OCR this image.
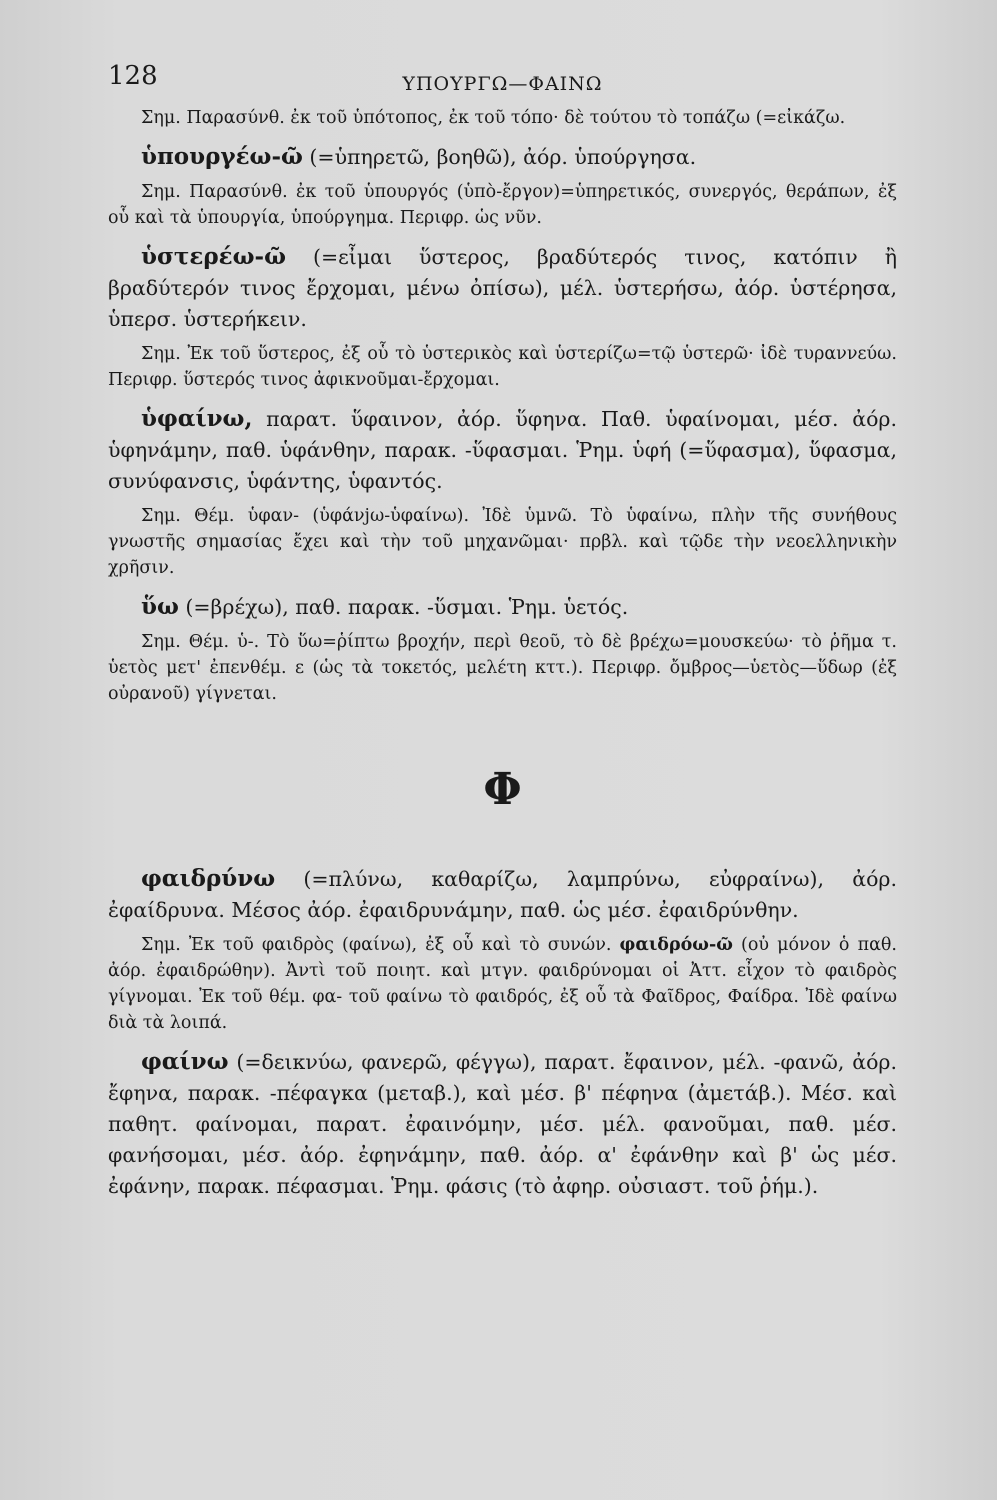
128	ΥΠΟΥΡΓΩ—ΦΑΙΝΩ

Σημ. Παρασύνθ. ἐκ τοῦ ὑπότοπος, ἐκ τοῦ τόπο· δὲ τούτου τὸ τοπάζω (=εἰκάζω.

ὑπουργέω-ῶ (=ὑπηρετῶ, βοηθῶ), ἀόρ. ὑπούργησα.

Σημ. Παρασύνθ. ἐκ τοῦ ὑπουργός (ὑπὸ-ἔργον)=ὑπηρετικός, συνεργός, θεράπων, ἐξ οὗ καὶ τὰ ὑπουργία, ὑπούργημα. Περιφρ. ὡς νῦν.

ὑστερέω-ῶ (=εἶμαι ὕστερος, βραδύτερός τινος, κατόπιν ἢ βραδύτερόν τινος ἔρχομαι, μένω ὀπίσω), μέλ. ὑστερήσω, ἀόρ. ὑστέρησα, ὑπερσ. ὑστερήκειν.

Σημ. Ἐκ τοῦ ὕστερος, ἐξ οὗ τὸ ὑστερικὸς καὶ ὑστερίζω=τῷ ὑστερῶ· ἰδὲ τυραννεύω. Περιφρ. ὕστερός τινος ἀφικνοῦμαι-ἔρχομαι.

ὑφαίνω, παρατ. ὕφαινον, ἀόρ. ὕφηνα. Παθ. ὑφαίνομαι, μέσ. ἀόρ. ὑφηνάμην, παθ. ὑφάνθην, παρακ. -ὕφασμαι. Ῥημ. ὑφή (=ὕφασμα), ὕφασμα, συνύφανσις, ὑφάντης, ὑφαντός.

Σημ. Θέμ. ὑφαν- (ὑφάνjω-ὑφαίνω). Ἰδὲ ὑμνῶ. Τὸ ὑφαίνω, πλὴν τῆς συνήθους γνωστῆς σημασίας ἔχει καὶ τὴν τοῦ μηχανῶμαι· πρβλ. καὶ τῷδε τὴν νεοελληνικὴν χρῆσιν.

ὕω (=βρέχω), παθ. παρακ. -ὕσμαι. Ῥημ. ὑετός.

Σημ. Θέμ. ὑ-. Τὸ ὕω=ῥίπτω βροχήν, περὶ θεοῦ, τὸ δὲ βρέχω=μουσκεύω· τὸ ῥῆμα τ. ὑετὸς μετ' ἐπενθέμ. ε (ὡς τὰ τοκετός, μελέτη κττ.). Περιφρ. ὄμβρος—ὑετὸς—ὕδωρ (ἐξ οὐρανοῦ) γίγνεται.

Φ

φαιδρύνω (=πλύνω, καθαρίζω, λαμπρύνω, εὐφραίνω), ἀόρ. ἐφαίδρυνα. Μέσος ἀόρ. ἐφαιδρυνάμην, παθ. ὡς μέσ. ἐφαιδρύνθην.

Σημ. Ἐκ τοῦ φαιδρὸς (φαίνω), ἐξ οὗ καὶ τὸ συνών. φαιδρόω-ῶ (οὐ μόνον ὁ παθ. ἀόρ. ἐφαιδρώθην). Ἀντὶ τοῦ ποιητ. καὶ μτγν. φαιδρύνομαι οἱ Ἀττ. εἶχον τὸ φαιδρὸς γίγνομαι. Ἐκ τοῦ θέμ. φα- τοῦ φαίνω τὸ φαιδρός, ἐξ οὗ τὰ Φαῖδρος, Φαίδρα. Ἰδὲ φαίνω διὰ τὰ λοιπά.

φαίνω (=δεικνύω, φανερῶ, φέγγω), παρατ. ἔφαινον, μέλ. -φανῶ, ἀόρ. ἔφηνα, παρακ. -πέφαγκα (μεταβ.), καὶ μέσ. β' πέφηνα (ἀμετάβ.). Μέσ. καὶ παθητ. φαίνομαι, παρατ. ἐφαινόμην, μέσ. μέλ. φανοῦμαι, παθ. μέσ. φανήσομαι, μέσ. ἀόρ. ἐφηνάμην, παθ. ἀόρ. α' ἐφάνθην καὶ β' ὡς μέσ. ἐφάνην, παρακ. πέφασμαι. Ῥημ. φάσις (τὸ ἀφηρ. οὐσιαστ. τοῦ ῥήμ.).
